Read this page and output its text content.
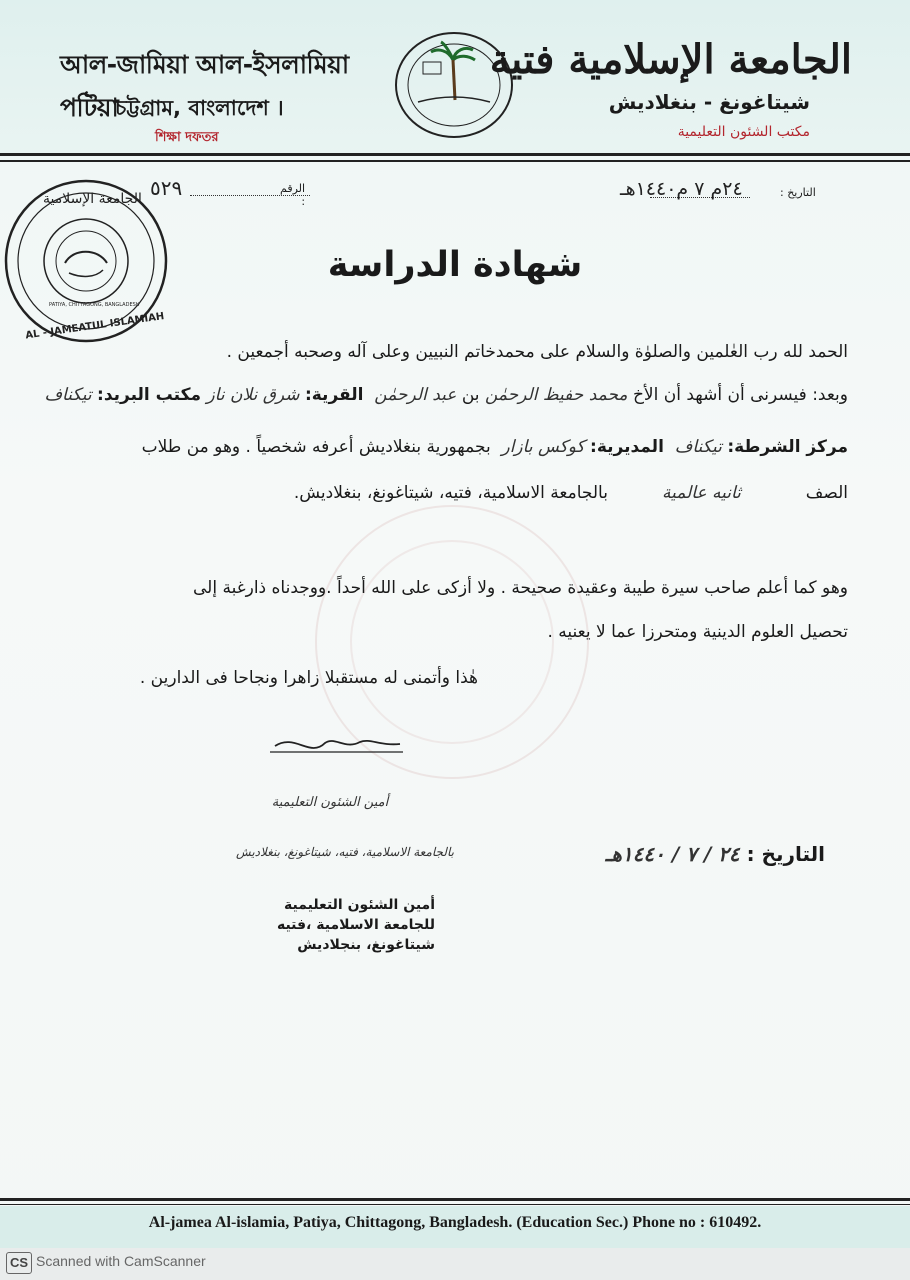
আল-জামিয়া আল-ইসলামিয়া পটিয়া
চট্টগ্রাম, বাংলাদেশ ।
শিক্ষা দফতর
الجامعة الإسلامية فتية
شيتاغونغ - بنغلاديش
مكتب الشئون التعليمية
٥٢٩	الرقم :
٢٤م ٧ م١٤٤٠هـ	التاريخ :
الجامعة الإسلامية
AL - JAMEATUL ISLAMIAH
PATIYA, CHITTAGONG, BANGLADESH
شهادة الدراسة
الحمد لله رب العٰلمين والصلوٰة والسلام على محمدخاتم النبيين وعلى آله وصحبه أجمعين .
وبعد: فيسرنى أن أشهد أن الأخ محمد حفيظ الرحمٰن بن عبد الرحمٰن  القرية: شرق نلان ناز مكتب البريد: تيكناف
مركز الشرطة: تيكناف  المديرية: كوكس بازار  بجمهورية بنغلاديش أعرفه شخصياً . وهو من طلاب
الصف            ثانيه عالمية          بالجامعة الاسلامية، فتيه، شيتاغونغ، بنغلاديش.
وهو كما أعلم صاحب سيرة طيبة وعقيدة صحيحة . ولا أزكى على الله أحداً .ووجدناه ذارغبة إلى
تحصيل العلوم الدينية ومتحرزا عما لا يعنيه .
هٰذا وأتمنى له مستقبلا زاهرا ونجاحا فى الدارين .
أمين الشئون التعليمية
بالجامعة الاسلامية، فتيه، شيتاغونغ، بنغلاديش	التاريخ : ٢٤ / ٧ / ١٤٤٠هـ
أمين الشئون التعليمية
للجامعة الاسلامية ،فتيه
شيتاغونغ، بنجلاديش
Al-jamea Al-islamia, Patiya, Chittagong, Bangladesh. (Education Sec.) Phone no : 610492.
CS Scanned with CamScanner
